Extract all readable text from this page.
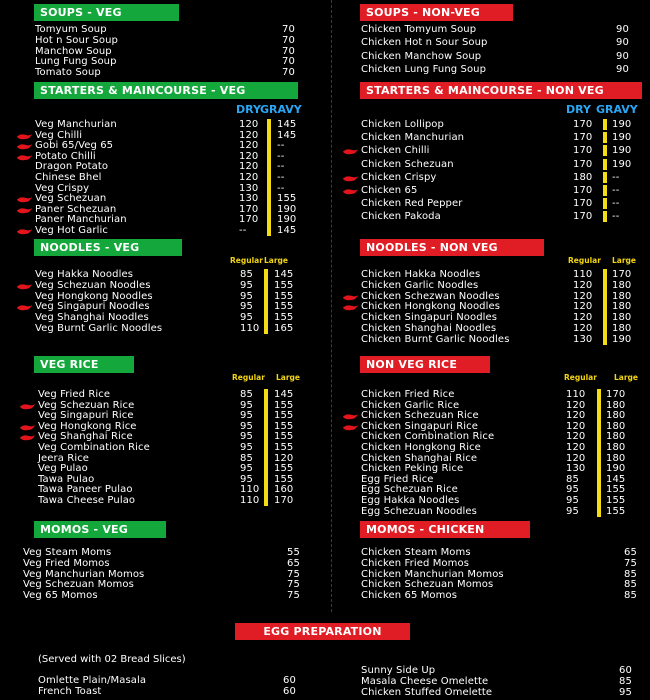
EGG PREPARATION
(Served with 02 Bread Slices)
SOUPS - VEG
Tomyum Soup	70
Hot n Sour Soup	70
Manchow Soup	70
Lung Fung Soup	70
Tomato Soup	70
SOUPS - NON-VEG
Chicken Tomyum Soup	90
Chicken Hot n Sour Soup	90
Chicken Manchow Soup	90
Chicken Lung Fung Soup	90
STARTERS & MAINCOURSE - VEG
DRY GRAVY
Veg Manchurian	120 145
Veg Chilli	120 145
Gobi 65/Veg 65	120 --
Potato Chilli	120 --
Dragon Potato	120 --
Chinese Bhel	120 --
Veg Crispy	130 --
Veg Schezuan	130 155
Paner Schezuan	170 190
Paner Manchurian	170 190
Veg Hot Garlic	--	145
STARTERS & MAINCOURSE - NON VEG
DRY GRAVY
Chicken Lollipop	170 190
Chicken Manchurian	170 190
Chicken Chilli	170 190
Chicken Schezuan	170 190
Chicken Crispy	180 --
Chicken 65	170 --
Chicken Red Pepper	170 --
Chicken Pakoda	170 --
NOODLES - VEG
Regular Large
Veg Hakka Noodles	85 145
Veg Schezuan Noodles	95 155
Veg Hongkong Noodles	95 155
Veg Singapuri Noodles	95 155
Veg Shanghai Noodles	95 155
Veg Burnt Garlic Noodles	110 165
NOODLES - NON VEG
Regular Large
Chicken Hakka Noodles	110 170
Chicken Garlic Noodles	120 180
Chicken Schezwan Noodles	120 180
Chicken Hongkong Noodles	120 180
Chicken Singapuri Noodles	120 180
Chicken Shanghai Noodles	120 180
Chicken Burnt Garlic Noodles	130 190
VEG RICE
Regular Large
Veg Fried Rice	85 145
Veg Schezuan Rice	95 155
Veg Singapuri Rice	95 155
Veg Hongkong Rice	95 155
Veg Shanghai Rice	95 155
Veg Combination Rice	95 155
Jeera Rice	85 120
Veg Pulao	95 155
Tawa Pulao	95 155
Tawa Paneer Pulao	110 160
Tawa Cheese Pulao	110 170
NON VEG RICE
Regular Large
Chicken Fried Rice	110 170
Chicken Garlic Rice	120 180
Chicken Schezuan Rice	120 180
Chicken Singapuri Rice	120 180
Chicken Combination Rice	120 180
Chicken Hongkong Rice	120 180
Chicken Shanghai Rice	120 180
Chicken Peking Rice	130 190
Egg Fried Rice	85	145
Egg Schezuan Rice	95	155
Egg Hakka Noodles	95	155
Egg Schezuan Noodles	95	155
MOMOS - VEG
Veg Steam Moms	55
Veg Fried Momos	65
Veg Manchurian Momos	75
Veg Schezuan Momos	75
Veg 65 Momos	75
MOMOS - CHICKEN
Chicken Steam Moms	65
Chicken Fried Momos	75
Chicken Manchurian Momos	85
Chicken Schezuan Momos	85
Chicken 65 Momos	85
Omlette Plain/Masala	60
French Toast	60
Sunny Side Up	60
Masala Cheese Omelette	85
Chicken Stuffed Omelette	95
